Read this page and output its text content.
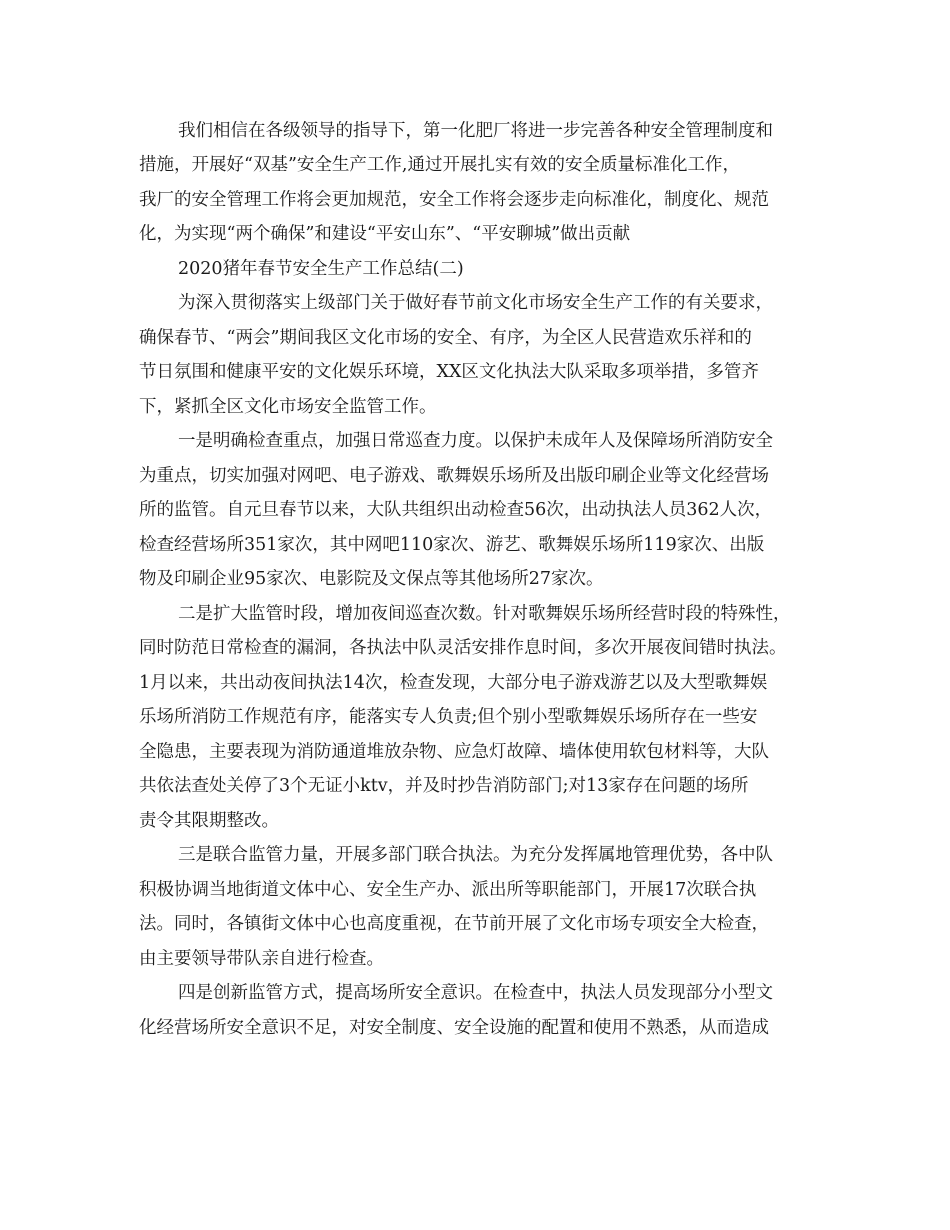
我们相信在各级领导的指导下，第一化肥厂将进一步完善各种安全管理制度和

措施，开展好“双基”安全生产工作,通过开展扎实有效的安全质量标准化工作，

我厂的安全管理工作将会更加规范，安全工作将会逐步走向标准化，制度化、规范

化，为实现“两个确保”和建设“平安山东”、“平安聊城”做出贡献

2020猪年春节安全生产工作总结(二)

为深入贯彻落实上级部门关于做好春节前文化市场安全生产工作的有关要求，

确保春节、“两会”期间我区文化市场的安全、有序，为全区人民营造欢乐祥和的

节日氛围和健康平安的文化娱乐环境，XX区文化执法大队采取多项举措，多管齐

下，紧抓全区文化市场安全监管工作。

一是明确检查重点，加强日常巡查力度。以保护未成年人及保障场所消防安全

为重点，切实加强对网吧、电子游戏、歌舞娱乐场所及出版印刷企业等文化经营场

所的监管。自元旦春节以来，大队共组织出动检查56次，出动执法人员362人次，

检查经营场所351家次，其中网吧110家次、游艺、歌舞娱乐场所119家次、出版

物及印刷企业95家次、电影院及文保点等其他场所27家次。

二是扩大监管时段，增加夜间巡查次数。针对歌舞娱乐场所经营时段的特殊性，

同时防范日常检查的漏洞，各执法中队灵活安排作息时间，多次开展夜间错时执法。

1月以来，共出动夜间执法14次，检查发现，大部分电子游戏游艺以及大型歌舞娱

乐场所消防工作规范有序，能落实专人负责;但个别小型歌舞娱乐场所存在一些安

全隐患，主要表现为消防通道堆放杂物、应急灯故障、墙体使用软包材料等，大队

共依法查处关停了3个无证小ktv，并及时抄告消防部门;对13家存在问题的场所

责令其限期整改。

三是联合监管力量，开展多部门联合执法。为充分发挥属地管理优势，各中队

积极协调当地街道文体中心、安全生产办、派出所等职能部门，开展17次联合执

法。同时，各镇街文体中心也高度重视，在节前开展了文化市场专项安全大检查，

由主要领导带队亲自进行检查。

四是创新监管方式，提高场所安全意识。在检查中，执法人员发现部分小型文

化经营场所安全意识不足，对安全制度、安全设施的配置和使用不熟悉，从而造成
